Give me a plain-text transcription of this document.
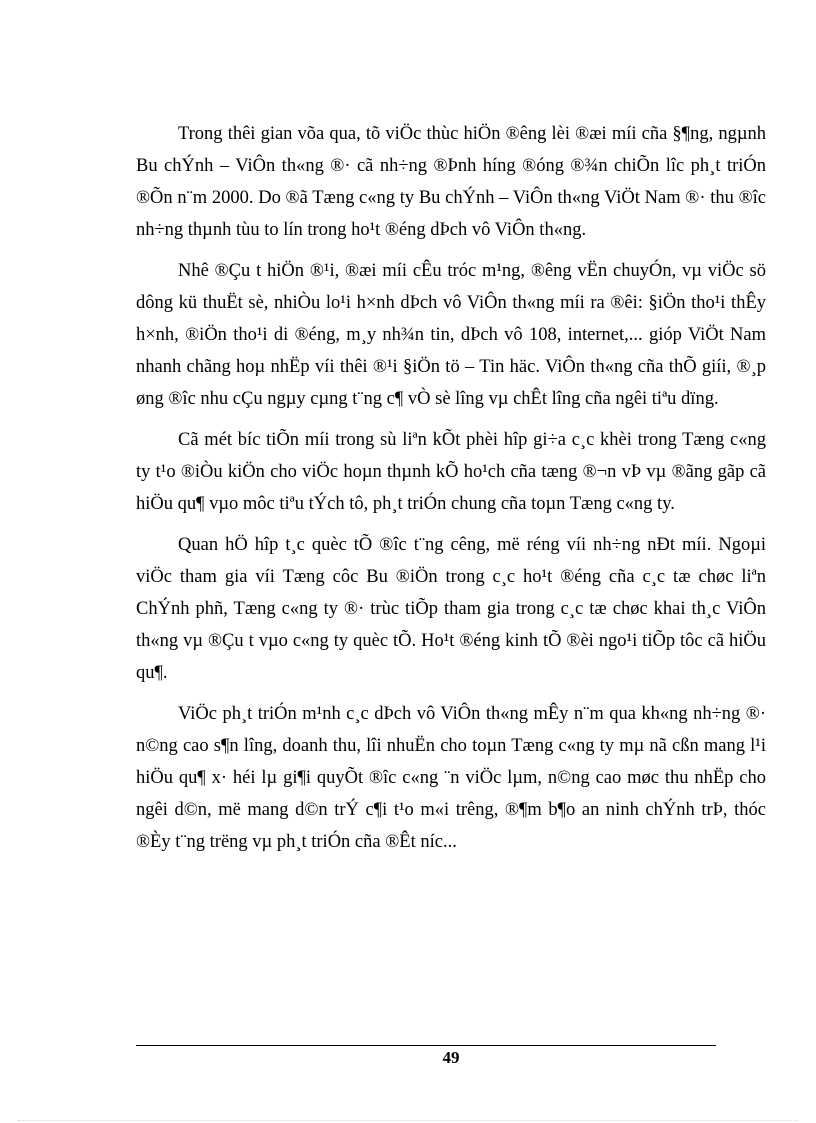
Trong thêi gian võa qua, tõ viÖc thùc hiÖn ®êng lèi ®æi míi cña §¶ng, ngµnh Bu chÝnh – ViÔn th«ng ®· cã nh÷ng ®Þnh híng ®óng ®¾n chiÕn lîc ph¸t triÓn ®Õn n¨m 2000. Do ®ã Tæng c«ng ty Bu chÝnh – ViÔn th«ng ViÖt Nam ®· thu ®îc nh÷ng thµnh tùu to lín trong ho¹t ®éng dÞch vô ViÔn th«ng.

Nhê ®Çu t hiÖn ®¹i, ®æi míi cÊu tróc m¹ng, ®êng vËn chuyÓn, vµ viÖc sö dông kü thuËt sè, nhiÒu lo¹i h×nh dÞch vô ViÔn th«ng míi ra ®êi: §iÖn tho¹i thÊy h×nh, ®iÖn tho¹i di ®éng, m¸y nh¾n tin, dÞch vô 108, internet,... gióp ViÖt Nam nhanh chãng hoµ nhËp víi thêi ®¹i §iÖn tö – Tin häc. ViÔn th«ng cña thÕ giíi, ®¸p øng ®îc nhu cÇu ngµy cµng t¨ng c¶ vÒ sè lîng vµ chÊt lîng cña ngêi tiªu dïng.

Cã mét bíc tiÕn míi trong sù liªn kÕt phèi hîp gi÷a c¸c khèi trong Tæng c«ng ty t¹o ®iÒu kiÖn cho viÖc hoµn thµnh kÕ ho¹ch cña tæng ®¬n vÞ vµ ®ãng gãp cã hiÖu qu¶ vµo môc tiªu tÝch tô, ph¸t triÓn chung cña toµn Tæng c«ng ty.

Quan hÖ hîp t¸c quèc tÕ ®îc t¨ng cêng, më réng víi nh÷ng nÐt míi. Ngoµi viÖc tham gia víi Tæng côc Bu ®iÖn trong c¸c ho¹t ®éng cña c¸c tæ chøc liªn ChÝnh phñ, Tæng c«ng ty ®· trùc tiÕp tham gia trong c¸c tæ chøc khai th¸c ViÔn th«ng vµ ®Çu t vµo c«ng ty quèc tÕ. Ho¹t ®éng kinh tÕ ®èi ngo¹i tiÕp tôc cã hiÖu qu¶.

ViÖc ph¸t triÓn m¹nh c¸c dÞch vô ViÔn th«ng mÊy n¨m qua kh«ng nh÷ng ®· n©ng cao s¶n lîng, doanh thu, lîi nhuËn cho toµn Tæng c«ng ty mµ nã cßn mang l¹i hiÖu qu¶ x· héi lµ gi¶i quyÕt ®îc c«ng ¨n viÖc lµm, n©ng cao møc thu nhËp cho ngêi d©n, më mang d©n trÝ c¶i t¹o m«i trêng, ®¶m b¶o an ninh chÝnh trÞ, thóc ®Èy t¨ng trëng vµ ph¸t triÓn cña ®Êt níc...

49
